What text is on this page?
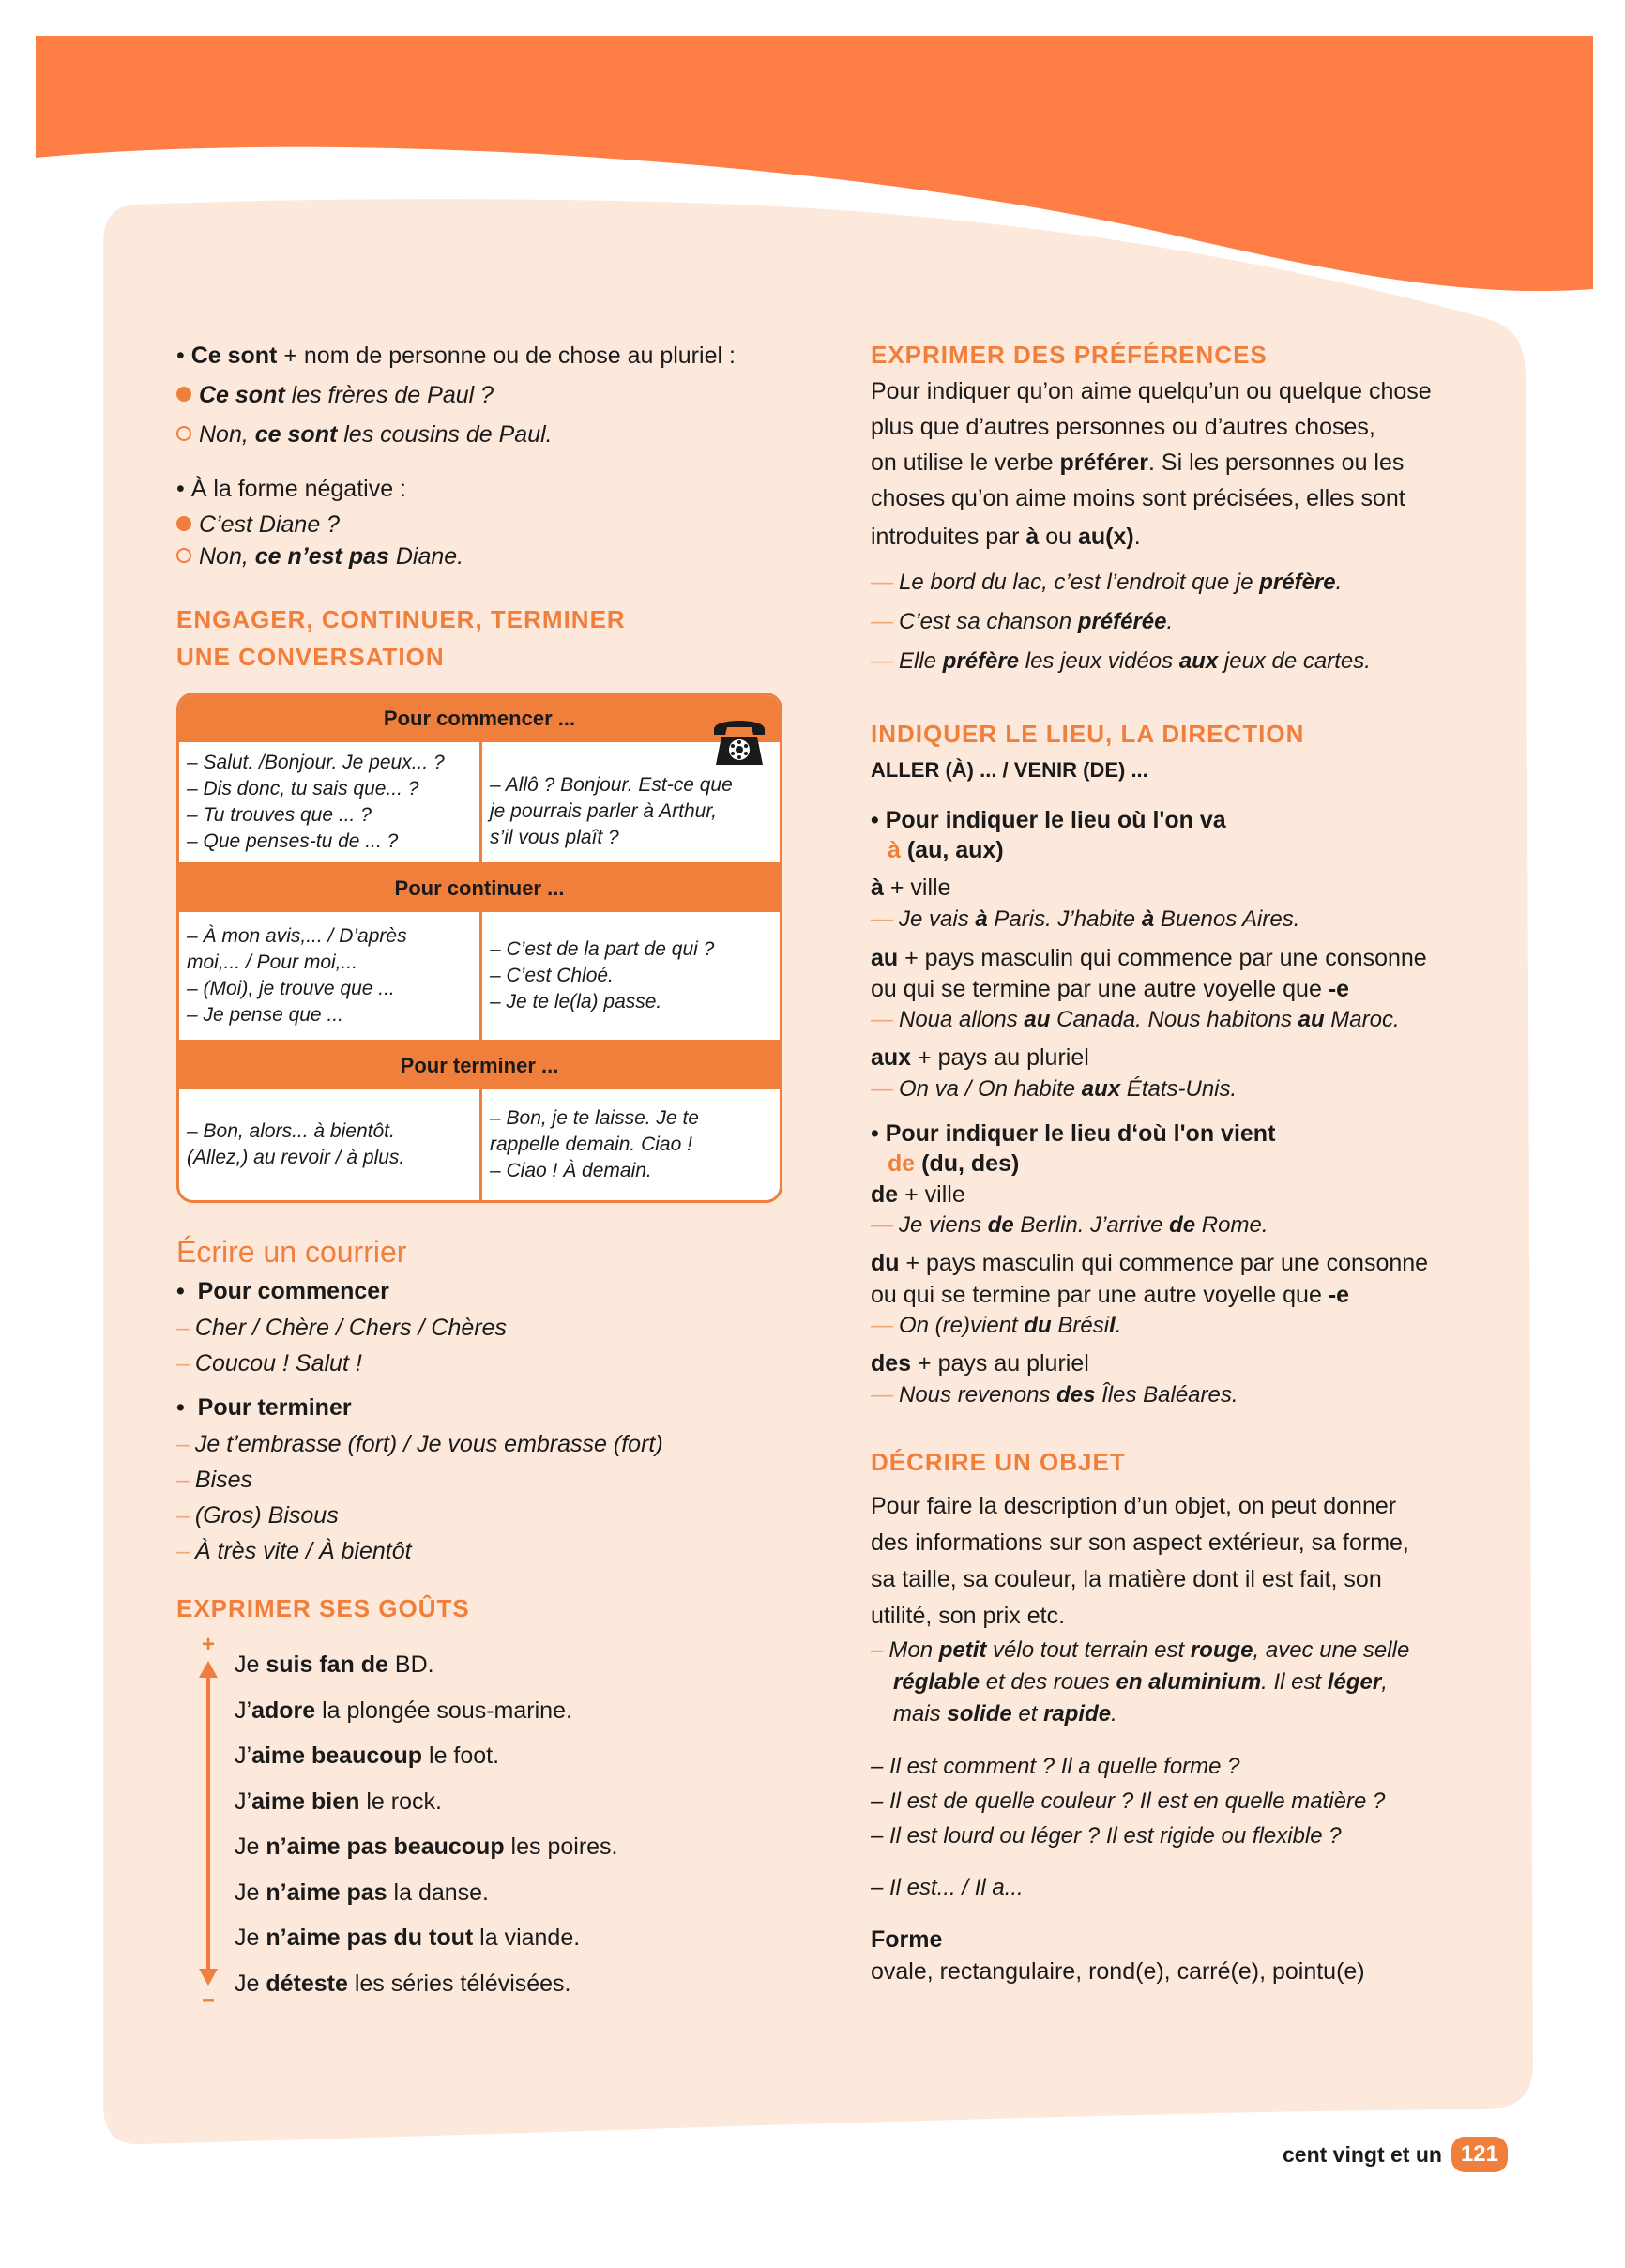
• Ce sont + nom de personne ou de chose au pluriel :
Ce sont les frères de Paul ?
Non, ce sont les cousins de Paul.
• À la forme négative :
C’est Diane ?
Non, ce n’est pas Diane.
ENGAGER, CONTINUER, TERMINER
UNE CONVERSATION
Pour commencer ...
– Salut. /Bonjour. Je peux... ?
– Dis donc, tu sais que... ?
– Tu trouves que ... ?
– Que penses-tu de ... ?
– Allô ? Bonjour. Est-ce que
je pourrais parler à Arthur,
s’il vous plaît ?
Pour continuer ...
– À mon avis,... / D’après
moi,... / Pour moi,...
– (Moi), je trouve que ...
– Je pense que ...
– C’est de la part de qui ?
– C’est Chloé.
– Je te le(la) passe.
Pour terminer ...
– Bon, alors... à bientôt.
(Allez,) au revoir / à plus.
– Bon, je te laisse. Je te
rappelle demain. Ciao !
– Ciao ! À demain.
Écrire un courrier
•  Pour commencer
– Cher / Chère / Chers / Chères
– Coucou ! Salut !
•  Pour terminer
– Je t’embrasse (fort) / Je vous embrasse (fort)
– Bises
– (Gros) Bisous
– À très vite / À bientôt
EXPRIMER SES GOÛTS
+
–
Je suis fan de BD.
J’adore la plongée sous-marine.
J’aime beaucoup le foot.
J’aime bien le rock.
Je n’aime pas beaucoup les poires.
Je n’aime pas la danse.
Je n’aime pas du tout la viande.
Je déteste les séries télévisées.
EXPRIMER DES PRÉFÉRENCES
Pour indiquer qu’on aime quelqu’un ou quelque chose
plus que d’autres personnes ou d’autres choses,
on utilise le verbe préférer. Si les personnes ou les
choses qu’on aime moins sont précisées, elles sont
introduites par à ou au(x).
— Le bord du lac, c’est l’endroit que je préfère.
— C’est sa chanson préférée.
— Elle préfère les jeux vidéos aux jeux de cartes.
INDIQUER LE LIEU, LA DIRECTION
ALLER (À) ... / VENIR (DE) ...
• Pour indiquer le lieu où l'on va
à (au, aux)
à + ville
— Je vais à Paris. J’habite à Buenos Aires.
au + pays masculin qui commence par une consonne
ou qui se termine par une autre voyelle que -e
— Noua allons au Canada. Nous habitons au Maroc.
aux + pays au pluriel
— On va / On habite aux États-Unis.
• Pour indiquer le lieu d‘où l'on vient
de (du, des)
de + ville
— Je viens de Berlin. J’arrive de Rome.
du + pays masculin qui commence par une consonne
ou qui se termine par une autre voyelle que -e
— On (re)vient du Brésil.
des + pays au pluriel
— Nous revenons des Îles Baléares.
DÉCRIRE UN OBJET
Pour faire la description d’un objet, on peut donner
des informations sur son aspect extérieur, sa forme,
sa taille, sa couleur, la matière dont il est fait, son
utilité, son prix etc.
– Mon petit vélo tout terrain est rouge, avec une selle
réglable et des roues en aluminium. Il est léger,
mais solide et rapide.
– Il est comment ? Il a quelle forme ?
– Il est de quelle couleur ? Il est en quelle matière ?
– Il est lourd ou léger ? Il est rigide ou flexible ?
– Il est... / Il a...
Forme
ovale, rectangulaire, rond(e), carré(e), pointu(e)
cent vingt et un 121
